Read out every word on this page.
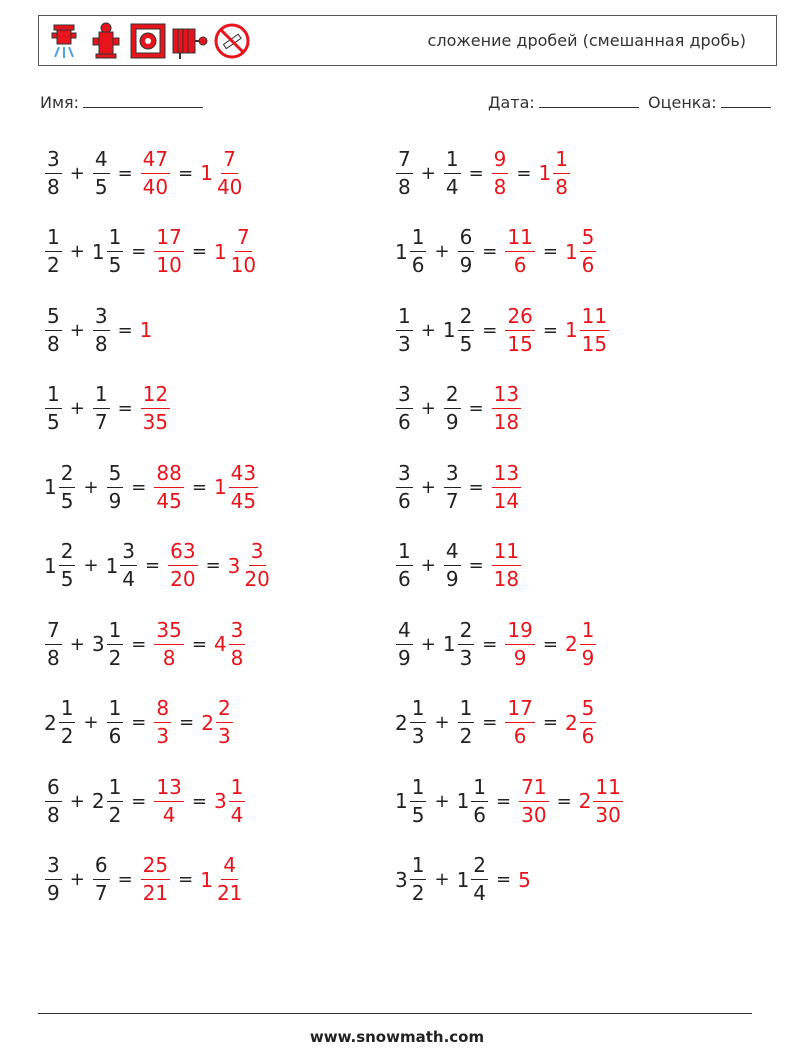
сложение дробей (смешанная дробь)
Имя:	Дата:	Оценка:
$\frac{3}{8} + \frac{4}{5} = \frac{47}{40} = 1 \frac{7}{40}$	$\frac{7}{8} + \frac{1}{4} = \frac{9}{8} = 1 \frac{1}{8}$
$\frac{1}{2} + 1 \frac{1}{5} = \frac{17}{10} = 1 \frac{7}{10}$	$1 \frac{1}{6} + \frac{6}{9} = \frac{11}{6} = 1 \frac{5}{6}$
$\frac{5}{8} + \frac{3}{8} = 1$	$\frac{1}{3} + 1 \frac{2}{5} = \frac{26}{15} = 1 \frac{11}{15}$
$\frac{1}{5} + \frac{1}{7} = \frac{12}{35}$	$\frac{3}{6} + \frac{2}{9} = \frac{13}{18}$
$1 \frac{2}{5} + \frac{5}{9} = \frac{88}{45} = 1 \frac{43}{45}$	$\frac{3}{6} + \frac{3}{7} = \frac{13}{14}$
$1 \frac{2}{5} + 1 \frac{3}{4} = \frac{63}{20} = 3 \frac{3}{20}$	$\frac{1}{6} + \frac{4}{9} = \frac{11}{18}$
$\frac{7}{8} + 3 \frac{1}{2} = \frac{35}{8} = 4 \frac{3}{8}$	$\frac{4}{9} + 1 \frac{2}{3} = \frac{19}{9} = 2 \frac{1}{9}$
$2 \frac{1}{2} + \frac{1}{6} = \frac{8}{3} = 2 \frac{2}{3}$	$2 \frac{1}{3} + \frac{1}{2} = \frac{17}{6} = 2 \frac{5}{6}$
$\frac{6}{8} + 2 \frac{1}{2} = \frac{13}{4} = 3 \frac{1}{4}$	$1 \frac{1}{5} + 1 \frac{1}{6} = \frac{71}{30} = 2 \frac{11}{30}$
$\frac{3}{9} + \frac{6}{7} = \frac{25}{21} = 1 \frac{4}{21}$	$3 \frac{1}{2} + 1 \frac{2}{4} = 5$
www.snowmath.com
